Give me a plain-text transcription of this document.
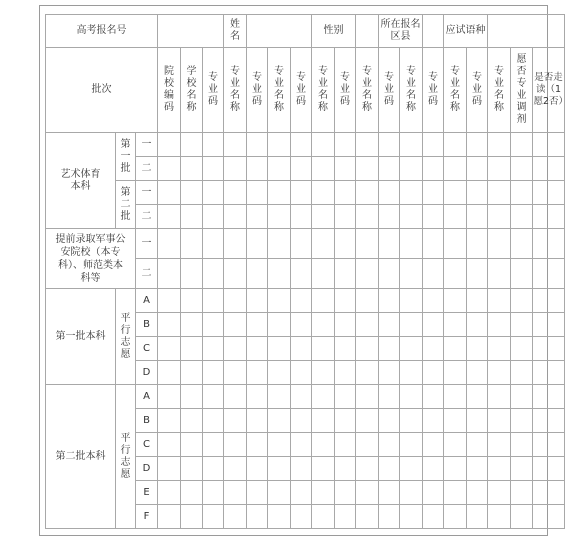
高考报名号						姓名				性别			所在报名区县			应试语种				
批次			院校编码	学校名称	专业码	专业名称	专业码	专业名称	专业码	专业名称	专业码	专业名称	专业码	专业名称	专业码	专业名称	专业码	专业名称	愿否专业调剂	是否走读（1愿2否）
艺术体育本科	第一批	一																		
		二																		
	第二批	一																		
		二																		
提前录取军事公安院校（本专科）、师范类本科等		一																		
		二																		
第一批本科	平行志愿	A																		
		B																		
		C																		
		D																		
第二批本科	平行志愿	A																		
		B																		
		C																		
		D																		
		E																		
		F																		
